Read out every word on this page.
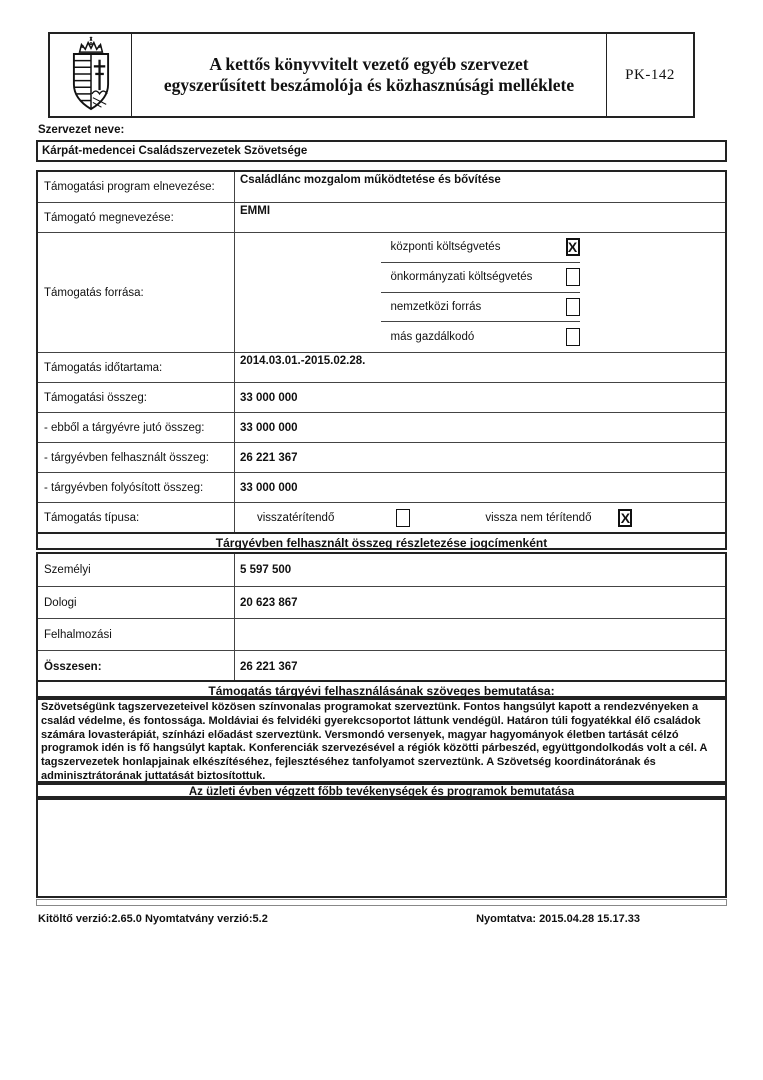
A kettős könyvvitelt vezető egyéb szervezet
egyszerűsített beszámolója és közhasznúsági melléklete
PK-142
Szervezet neve:
Kárpát-medencei Családszervezetek Szövetsége
Támogatási program elnevezése:
Családlánc mozgalom működtetése és bővítése
Támogató megnevezése:
EMMI
Támogatás forrása:
központi költségvetés	X
önkormányzati költségvetés
nemzetközi forrás
más gazdálkodó
Támogatás időtartama:
2014.03.01.-2015.02.28.
Támogatási összeg:	33 000 000
- ebből a tárgyévre jutó összeg:	33 000 000
- tárgyévben felhasznált összeg:	26 221 367
- tárgyévben folyósított összeg:	33 000 000
Támogatás típusa:	visszatérítendő	vissza nem térítendő X
Tárgyévben felhasznált összeg részletezése jogcímenként
Személyi	5 597 500
Dologi	20 623 867
Felhalmozási
Összesen:	26 221 367
Támogatás tárgyévi felhasználásának szöveges bemutatása:
Szövetségünk tagszervezeteivel közösen színvonalas programokat szerveztünk. Fontos hangsúlyt kapott a rendezvényeken a család védelme, és fontossága. Moldáviai és felvidéki gyerekcsoportot láttunk vendégül. Határon túli fogyatékkal élő családok számára lovasterápiát, színházi előadást szerveztünk. Versmondó versenyek, magyar hagyományok életben tartását célzó programok idén is fő hangsúlyt kaptak. Konferenciák szervezésével a régiók közötti párbeszéd, együttgondolkodás volt a cél. A tagszervezetek honlapjainak elkészítéséhez, fejlesztéséhez tanfolyamot szerveztünk. A Szövetség koordinátorának és adminisztrátorának juttatását biztosítottuk.
Az üzleti évben végzett főbb tevékenységek és programok bemutatása
Kitöltő verzió:2.65.0 Nyomtatvány verzió:5.2	Nyomtatva: 2015.04.28 15.17.33
